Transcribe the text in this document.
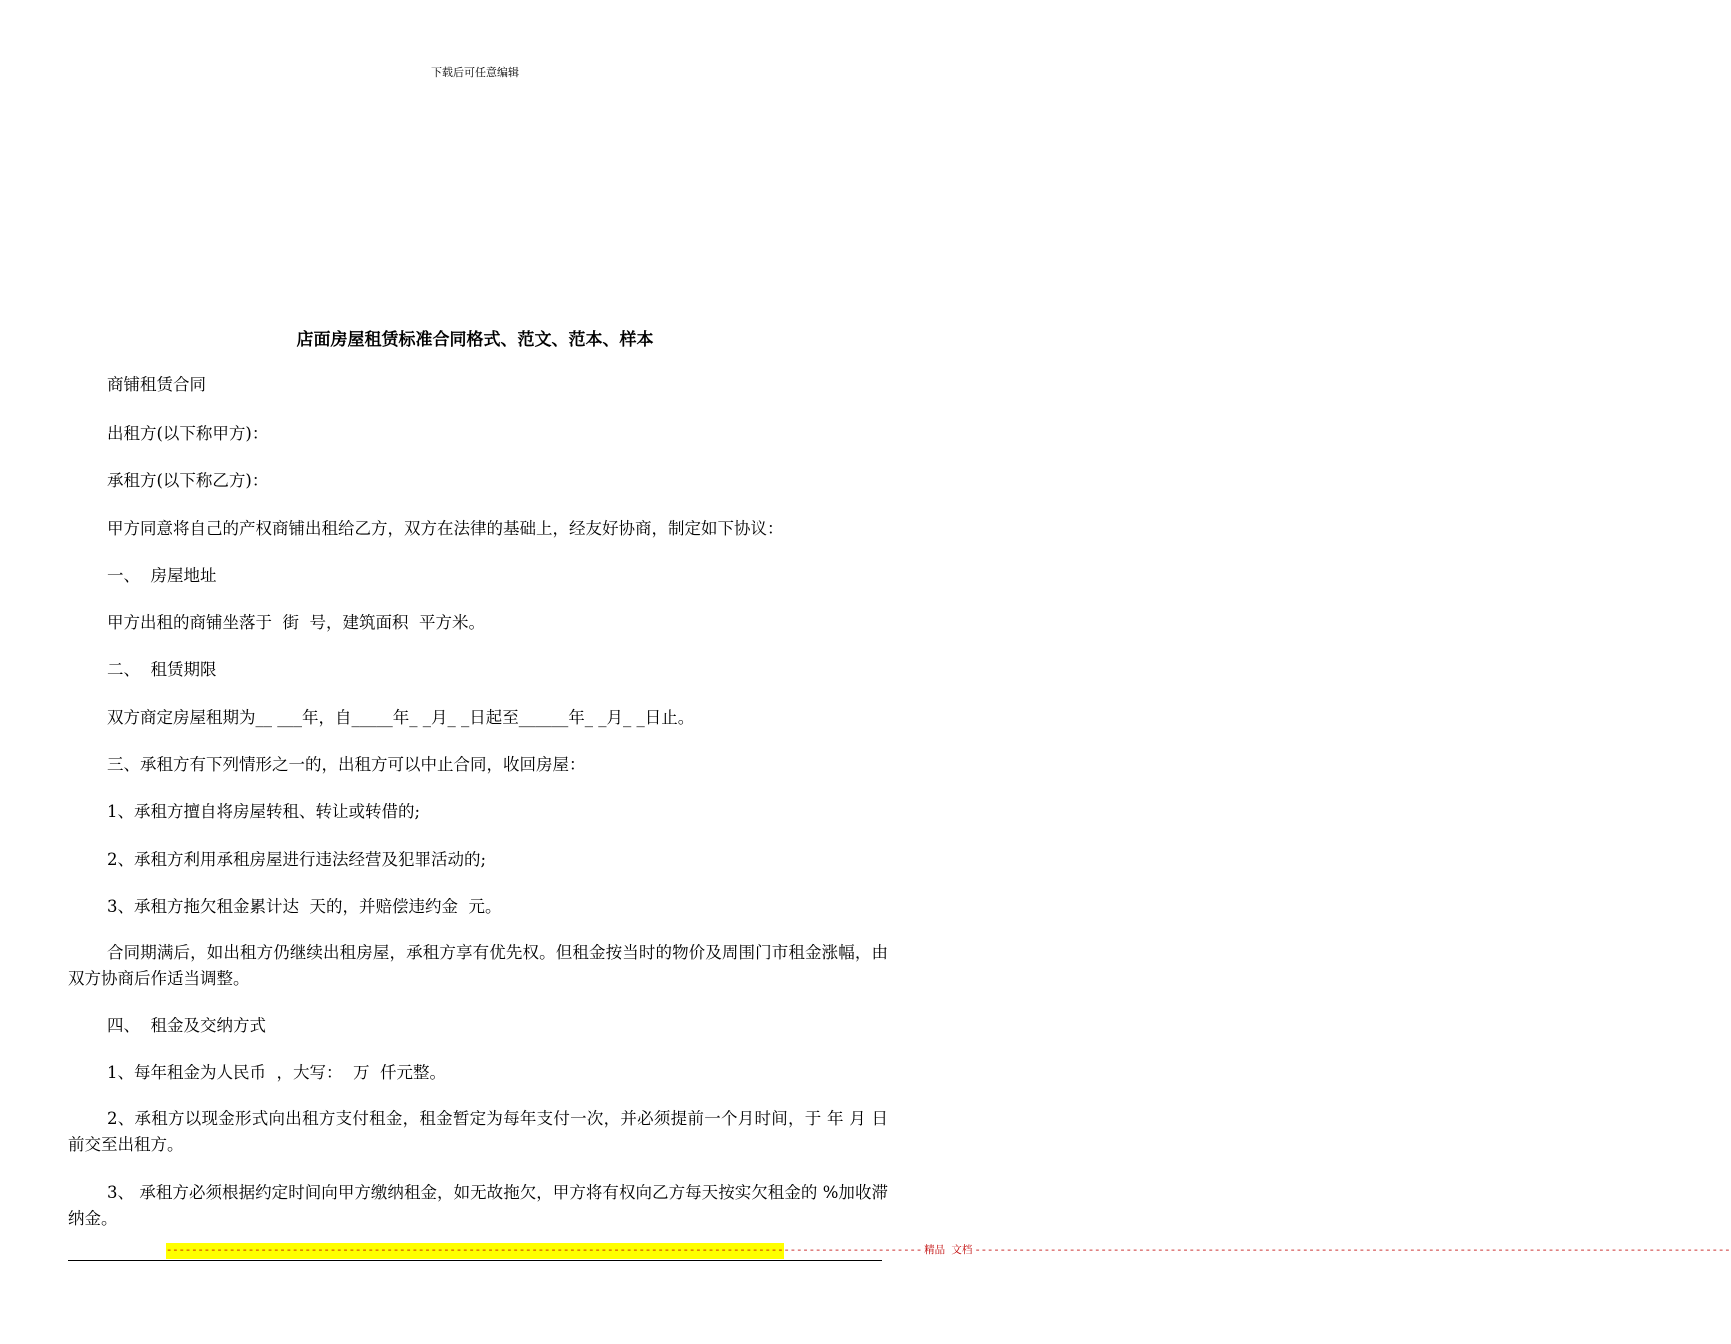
下载后可任意编辑
店面房屋租赁标准合同格式、范文、范本、样本
商铺租赁合同
出租方(以下称甲方)：
承租方(以下称乙方)：
甲方同意将自己的产权商铺出租给乙方，双方在法律的基础上，经友好协商，制定如下协议：
一、  房屋地址
甲方出租的商铺坐落于  街  号，建筑面积  平方米。
二、  租赁期限
双方商定房屋租期为__ ___年，自_____年_ _月_ _日起至______年_ _月_ _日止。
三、承租方有下列情形之一的，出租方可以中止合同，收回房屋：
1、承租方擅自将房屋转租、转让或转借的;
2、承租方利用承租房屋进行违法经营及犯罪活动的;
3、承租方拖欠租金累计达  天的，并赔偿违约金  元。
合同期满后，如出租方仍继续出租房屋，承租方享有优先权。但租金按当时的物价及周围门市租金涨幅，由双方协商后作适当调整。
四、  租金及交纳方式
1、每年租金为人民币  ，大写：  万  仟元整。
2、承租方以现金形式向出租方支付租金，租金暂定为每年支付一次，并必须提前一个月时间，于 年 月 日前交至出租方。
3、 承租方必须根据约定时间向甲方缴纳租金，如无故拖欠，甲方将有权向乙方每天按实欠租金的 %加收滞纳金。
------------------------------------------------------------------------------------------------------------------------ 精品 文档 ------------------------------------------------------------------------------------------------------------------------
